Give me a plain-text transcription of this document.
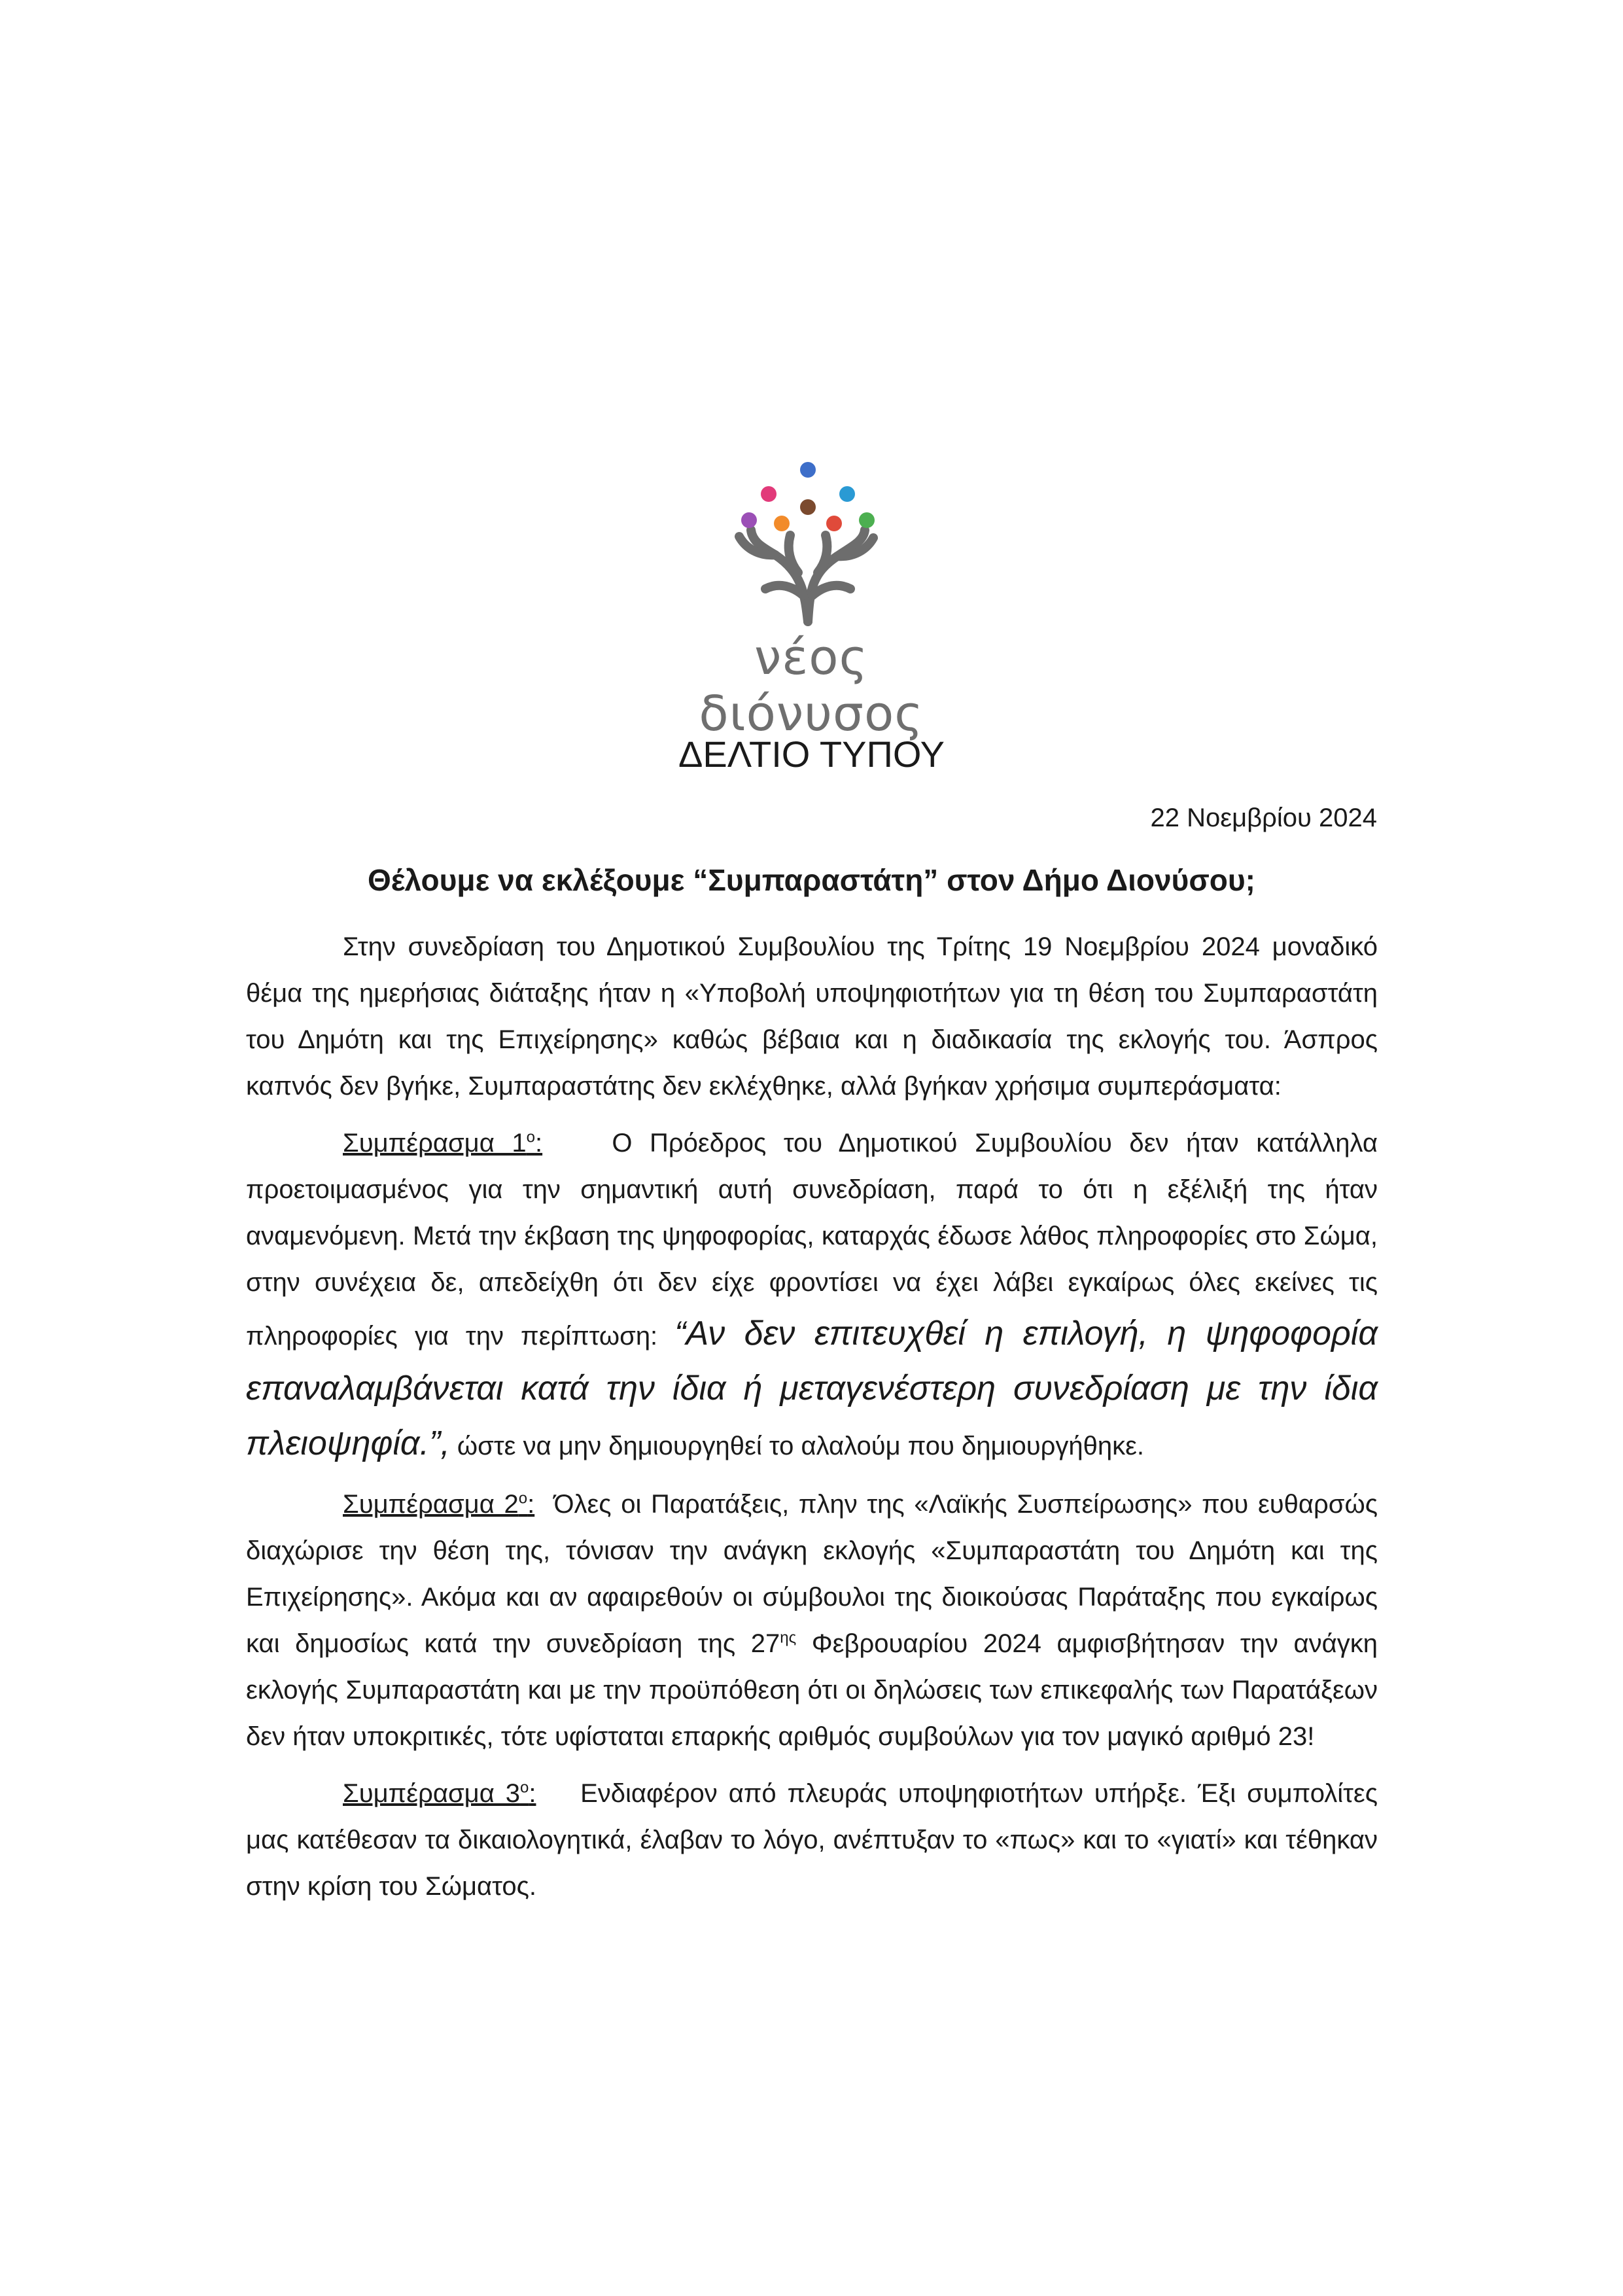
νέος διόνυσος
ΔΕΛΤΙΟ ΤΥΠΟΥ
22 Νοεμβρίου 2024
Θέλουμε να εκλέξουμε “Συμπαραστάτη” στον Δήμο Διονύσου;

Στην συνεδρίαση του Δημοτικού Συμβουλίου της Τρίτης 19 Νοεμβρίου 2024 μοναδικό θέμα της ημερήσιας διάταξης ήταν η «Υποβολή υποψηφιοτήτων για τη θέση του Συμπαραστάτη του Δημότη και της Επιχείρησης» καθώς βέβαια και η διαδικασία της εκλογής του. Άσπρος καπνός δεν βγήκε, Συμπαραστάτης δεν εκλέχθηκε, αλλά βγήκαν χρήσιμα συμπεράσματα:

Συμπέρασμα $1^o$:	Ο Πρόεδρος του Δημοτικού Συμβουλίου δεν ήταν κατάλληλα προετοιμασμένος για την σημαντική αυτή συνεδρίαση, παρά το ότι η εξέλιξή της ήταν αναμενόμενη. Μετά την έκβαση της ψηφοφορίας, καταρχάς έδωσε λάθος πληροφορίες στο Σώμα, στην συνέχεια δε, απεδείχθη ότι δεν είχε φροντίσει να έχει λάβει εγκαίρως όλες εκείνες τις πληροφορίες για την περίπτωση: “Αν δεν επιτευχθεί η επιλογή, η ψηφοφορία επαναλαμβάνεται κατά την ίδια ή μεταγενέστερη συνεδρίαση με την ίδια πλειοψηφία.”, ώστε να μην δημιουργηθεί το αλαλούμ που δημιουργήθηκε.

Συμπέρασμα $2^o$: Όλες οι Παρατάξεις, πλην της «Λαϊκής Συσπείρωσης» που ευθαρσώς διαχώρισε την θέση της, τόνισαν την ανάγκη εκλογής «Συμπαραστάτη του Δημότη και της Επιχείρησης». Ακόμα και αν αφαιρεθούν οι σύμβουλοι της διοικούσας Παράταξης που εγκαίρως και δημοσίως κατά την συνεδρίαση της $27^{\eta\varsigma}$ Φεβρουαρίου 2024 αμφισβήτησαν την ανάγκη εκλογής Συμπαραστάτη και με την προϋπόθεση ότι οι δηλώσεις των επικεφαλής των Παρατάξεων δεν ήταν υποκριτικές, τότε υφίσταται επαρκής αριθμός συμβούλων για τον μαγικό αριθμό 23!

Συμπέρασμα $3^o$: Ενδιαφέρον από πλευράς υποψηφιοτήτων υπήρξε. Έξι συμπολίτες μας κατέθεσαν τα δικαιολογητικά, έλαβαν το λόγο, ανέπτυξαν το «πως» και το «γιατί» και τέθηκαν στην κρίση του Σώματος.
